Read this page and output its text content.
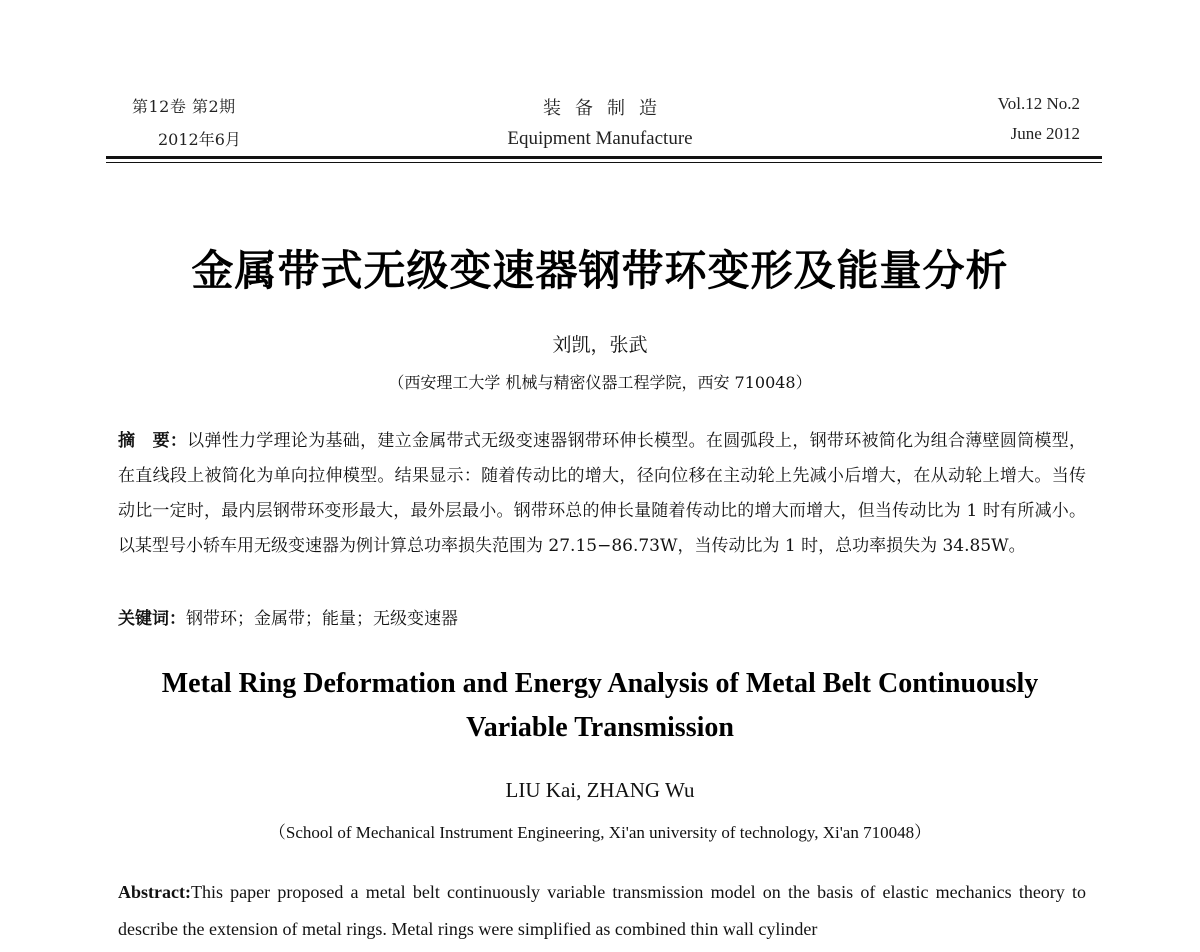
第12卷 第2期
2012年6月
装备制造
Equipment Manufacture
Vol.12 No.2
June 2012
金属带式无级变速器钢带环变形及能量分析
刘凯，张武
（西安理工大学 机械与精密仪器工程学院，西安 710048）
摘　要：以弹性力学理论为基础，建立金属带式无级变速器钢带环伸长模型。在圆弧段上，钢带环被简化为组合薄壁圆筒模型，在直线段上被简化为单向拉伸模型。结果显示：随着传动比的增大，径向位移在主动轮上先减小后增大，在从动轮上增大。当传动比一定时，最内层钢带环变形最大，最外层最小。钢带环总的伸长量随着传动比的增大而增大，但当传动比为 1 时有所减小。以某型号小轿车用无级变速器为例计算总功率损失范围为 27.15−86.73W，当传动比为 1 时，总功率损失为 34.85W。
关键词：钢带环；金属带；能量；无级变速器
Metal Ring Deformation and Energy Analysis of Metal Belt Continuously
Variable Transmission
LIU Kai, ZHANG Wu
（School of Mechanical Instrument Engineering, Xi'an university of technology, Xi'an 710048）
Abstract:This paper proposed a metal belt continuously variable transmission model on the basis of elastic mechanics theory to describe the extension of metal rings. Metal rings were simplified as combined thin wall cylinder
